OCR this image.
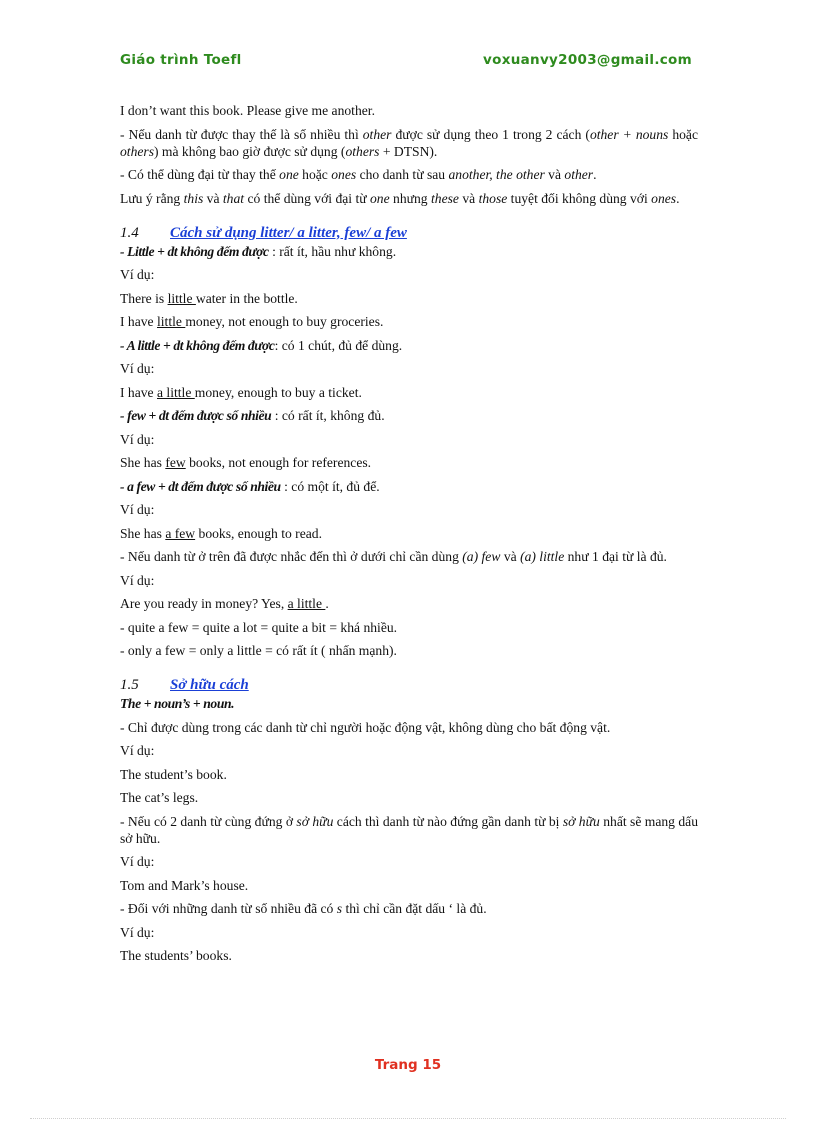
Giáo trình Toefl	voxuanvy2003@gmail.com

I don’t want this book. Please give me another.

- Nếu danh từ được thay thế là số nhiều thì other được sử dụng theo 1 trong 2 cách (other + nouns hoặc others) mà không bao giờ được sử dụng (others + DTSN).

- Có thể dùng đại từ thay thế one hoặc ones cho danh từ sau another, the other và other.

Lưu ý rằng this và that có thể dùng với đại từ one nhưng these và those tuyệt đối không dùng với ones.

1.4 Cách sử dụng litter/ a litter, few/ a few

- Little + dt không đếm được : rất ít, hầu như không.

Ví dụ:

There is little water in the bottle.

I have little money, not enough to buy groceries.

- A little + dt không đếm được: có 1 chút, đủ để dùng.

Ví dụ:

I have a little money, enough to buy a ticket.

- few + dt đếm được số nhiều : có rất ít, không đủ.

Ví dụ:

She has few books, not enough for references.

- a few + dt đếm được số nhiều : có một ít, đủ để.

Ví dụ:

She has a few books, enough to read.

- Nếu danh từ ở trên đã được nhắc đến thì ở dưới chỉ cần dùng (a) few và (a) little như 1 đại từ là đủ.

Ví dụ:

Are you ready in money? Yes, a little .

- quite a few = quite a lot = quite a bit = khá nhiều.

- only a few = only a little = có rất ít ( nhấn mạnh).

1.5 Sở hữu cách

The + noun’s + noun.

- Chỉ được dùng trong các danh từ chỉ người hoặc động vật, không dùng cho bất động vật.

Ví dụ:

The student’s book.

The cat’s legs.

- Nếu có 2 danh từ cùng đứng ở sở hữu cách thì danh từ nào đứng gần danh từ bị sở hữu nhất sẽ mang dấu sở hữu.

Ví dụ:

Tom and Mark’s house.

- Đối với những danh từ số nhiều đã có s thì chỉ cần đặt dấu ‘ là đủ.

Ví dụ:

The students’ books.

Trang 15
